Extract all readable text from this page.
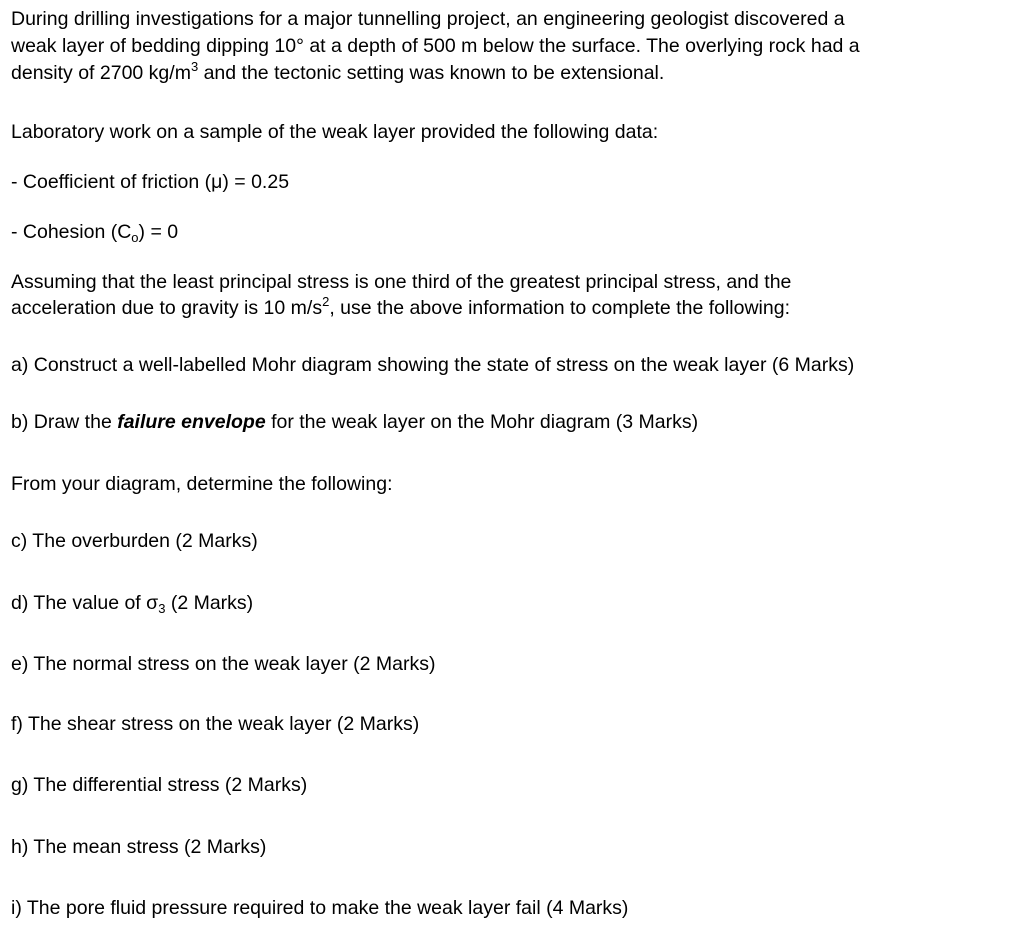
During drilling investigations for a major tunnelling project, an engineering geologist discovered a
weak layer of bedding dipping 10° at a depth of 500 m below the surface. The overlying rock had a
density of 2700 $kg/m^3$ and the tectonic setting was known to be extensional.
Laboratory work on a sample of the weak layer provided the following data:
- Coefficient of friction (μ) = 0.25
- Cohesion $(C_o) = 0$
Assuming that the least principal stress is one third of the greatest principal stress, and the
acceleration due to gravity is 10 $m/s^2$, use the above information to complete the following:
a) Construct a well-labelled Mohr diagram showing the state of stress on the weak layer (6 Marks)
b) Draw the failure envelope for the weak layer on the Mohr diagram (3 Marks)
From your diagram, determine the following:
c) The overburden (2 Marks)
d) The value of $\sigma_3$ (2 Marks)
e) The normal stress on the weak layer (2 Marks)
f) The shear stress on the weak layer (2 Marks)
g) The differential stress (2 Marks)
h) The mean stress (2 Marks)
i) The pore fluid pressure required to make the weak layer fail (4 Marks)
